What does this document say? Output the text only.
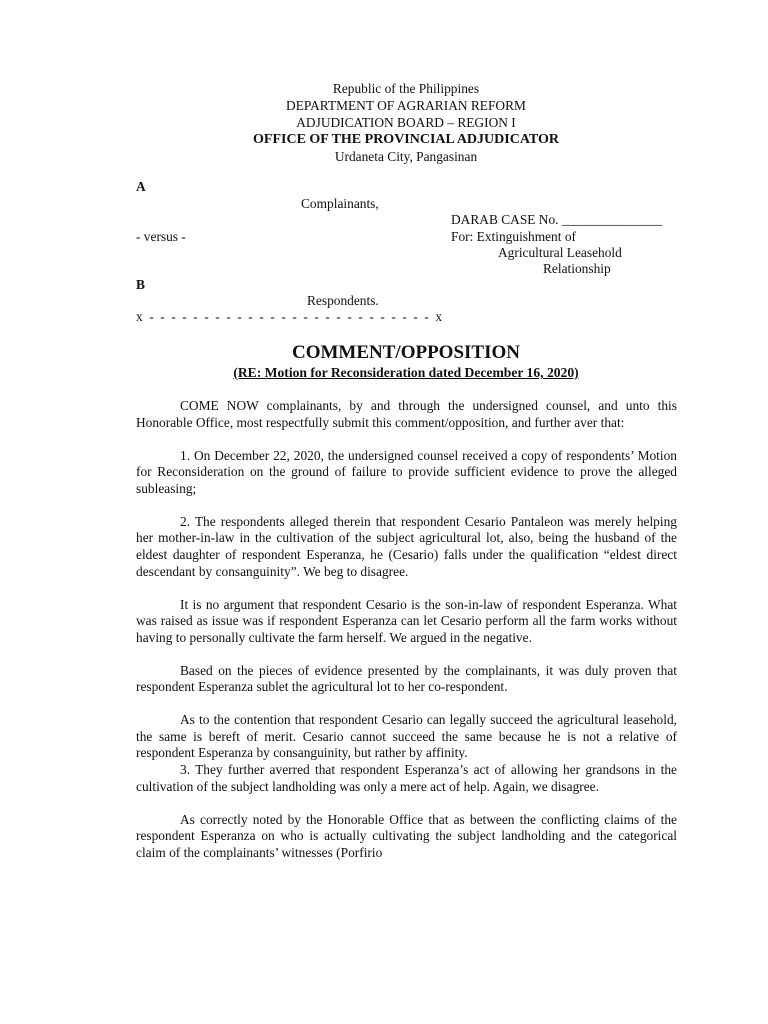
Republic of the Philippines
DEPARTMENT OF AGRARIAN REFORM
ADJUDICATION BOARD – REGION I
OFFICE OF THE PROVINCIAL ADJUDICATOR
Urdaneta City, Pangasinan
A
Complainants,
DARAB CASE No. _______________
- versus -	For: Extinguishment of
Agricultural Leasehold
Relationship
B
Respondents.
x - - - - - - - - - - - - - - - - - - - - - - - - - - x
COMMENT/OPPOSITION
(RE: Motion for Reconsideration dated December 16, 2020)

COME NOW complainants, by and through the undersigned counsel, and unto this Honorable Office, most respectfully submit this comment/opposition, and further aver that:

1. On December 22, 2020, the undersigned counsel received a copy of respondents’ Motion for Reconsideration on the ground of failure to provide sufficient evidence to prove the alleged subleasing;

2. The respondents alleged therein that respondent Cesario Pantaleon was merely helping her mother-in-law in the cultivation of the subject agricultural lot, also, being the husband of the eldest daughter of respondent Esperanza, he (Cesario) falls under the qualification “eldest direct descendant by consanguinity”. We beg to disagree.

It is no argument that respondent Cesario is the son-in-law of respondent Esperanza. What was raised as issue was if respondent Esperanza can let Cesario perform all the farm works without having to personally cultivate the farm herself. We argued in the negative.

Based on the pieces of evidence presented by the complainants, it was duly proven that respondent Esperanza sublet the agricultural lot to her co-respondent.

As to the contention that respondent Cesario can legally succeed the agricultural leasehold, the same is bereft of merit. Cesario cannot succeed the same because he is not a relative of respondent Esperanza by consanguinity, but rather by affinity.

3. They further averred that respondent Esperanza’s act of allowing her grandsons in the cultivation of the subject landholding was only a mere act of help. Again, we disagree.

As correctly noted by the Honorable Office that as between the conflicting claims of the respondent Esperanza on who is actually cultivating the subject landholding and the categorical claim of the complainants’ witnesses (Porfirio
